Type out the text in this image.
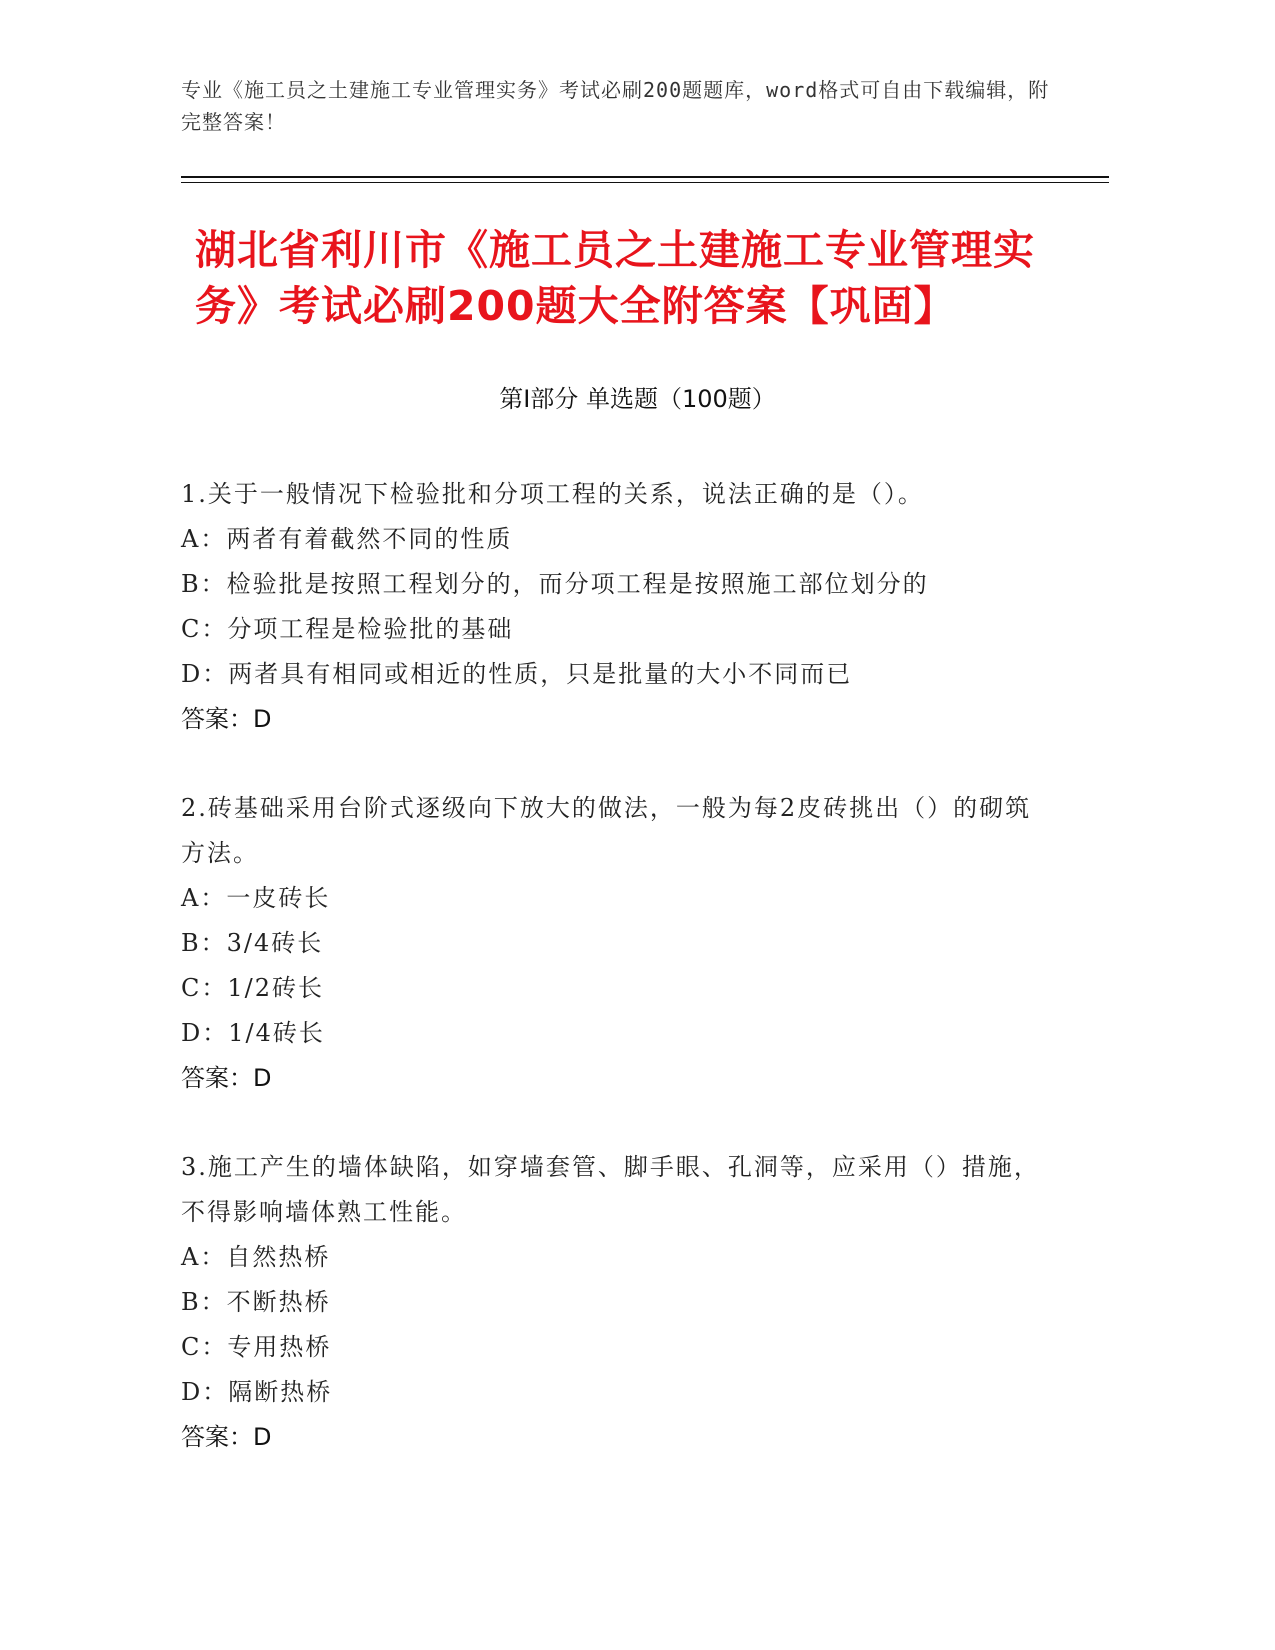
专业《施工员之土建施工专业管理实务》考试必刷200题题库，word格式可自由下载编辑，附完整答案！
湖北省利川市《施工员之土建施工专业管理实务》考试必刷200题大全附答案【巩固】
第Ⅰ部分 单选题（100题）

1.关于一般情况下检验批和分项工程的关系，说法正确的是（）。

A：两者有着截然不同的性质

B：检验批是按照工程划分的，而分项工程是按照施工部位划分的

C：分项工程是检验批的基础

D：两者具有相同或相近的性质，只是批量的大小不同而已

答案：D

2.砖基础采用台阶式逐级向下放大的做法，一般为每2皮砖挑出（）的砌筑方法。

A：一皮砖长

B：3/4砖长

C：1/2砖长

D：1/4砖长

答案：D

3.施工产生的墙体缺陷，如穿墙套管、脚手眼、孔洞等，应采用（）措施，不得影响墙体熟工性能。

A：自然热桥

B：不断热桥

C：专用热桥

D：隔断热桥

答案：D
